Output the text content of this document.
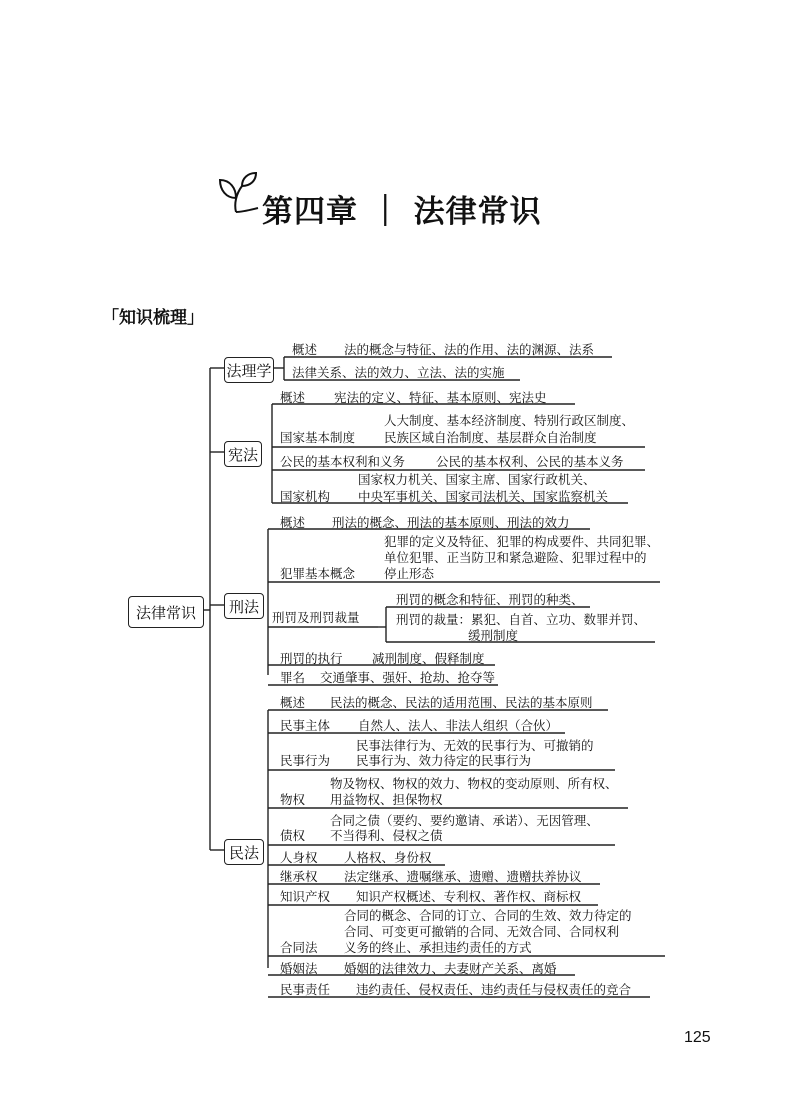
第四章 ｜ 法律常识
「知识梳理」
法律常识
法理学
宪法
刑法
民法
概述 法的概念与特征、法的作用、法的渊源、法系
法律关系、法的效力、立法、法的实施
概述 宪法的定义、特征、基本原则、宪法史
国家基本制度
人大制度、基本经济制度、特别行政区制度、
民族区域自治制度、基层群众自治制度
公民的基本权利和义务 公民的基本权利、公民的基本义务
国家机构
国家权力机关、国家主席、国家行政机关、
中央军事机关、国家司法机关、国家监察机关
概述 刑法的概念、刑法的基本原则、刑法的效力
犯罪基本概念
犯罪的定义及特征、犯罪的构成要件、共同犯罪、
单位犯罪、正当防卫和紧急避险、犯罪过程中的
停止形态
刑罚及刑罚裁量
刑罚的概念和特征、刑罚的种类、
刑罚的裁量：累犯、自首、立功、数罪并罚、
缓刑制度
刑罚的执行 减刑制度、假释制度
罪名 交通肇事、强奸、抢劫、抢夺等
概述 民法的概念、民法的适用范围、民法的基本原则
民事主体 自然人、法人、非法人组织（合伙）
民事行为
民事法律行为、无效的民事行为、可撤销的
民事行为、效力待定的民事行为
物权
物及物权、物权的效力、物权的变动原则、所有权、
用益物权、担保物权
债权
合同之债（要约、要约邀请、承诺）、无因管理、
不当得利、侵权之债
人身权 人格权、身份权
继承权 法定继承、遗嘱继承、遗赠、遗赠扶养协议
知识产权 知识产权概述、专利权、著作权、商标权
合同法
合同的概念、合同的订立、合同的生效、效力待定的
合同、可变更可撤销的合同、无效合同、合同权利
义务的终止、承担违约责任的方式
婚姻法 婚姻的法律效力、夫妻财产关系、离婚
民事责任 违约责任、侵权责任、违约责任与侵权责任的竞合
125
